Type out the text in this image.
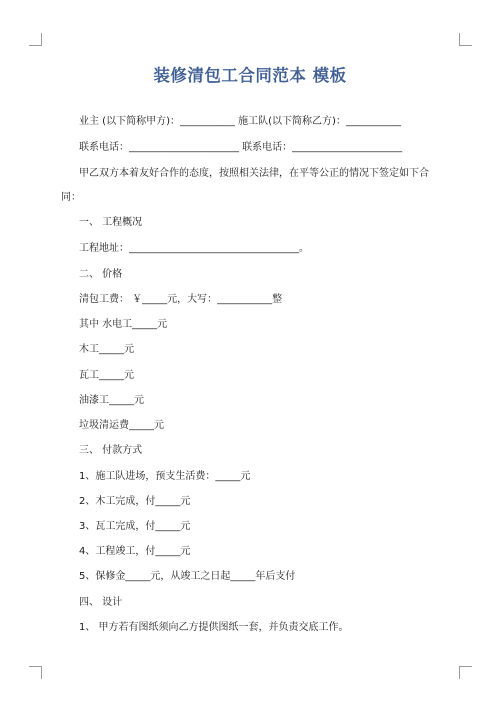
装修清包工合同范本 模板
业主 (以下简称甲方)：___________ 施工队(以下简称乙方)：___________
联系电话：______________________ 联系电话：______________________
甲乙双方本着友好合作的态度，按照相关法律，在平等公正的情况下签定如下合
同：
一、 工程概况
工程地址：__________________________________。
二、 价格
清包工费： ￥_____元，大写：___________整
其中 水电工_____元
木工_____元
瓦工_____元
油漆工_____元
垃圾清运费_____元
三、 付款方式
1、施工队进场，预支生活费：_____元
2、木工完成，付_____元
3、瓦工完成，付_____元
4、工程竣工，付_____元
5、保修金_____元，从竣工之日起_____年后支付
四、 设计
1、 甲方若有图纸须向乙方提供图纸一套，并负责交底工作。
